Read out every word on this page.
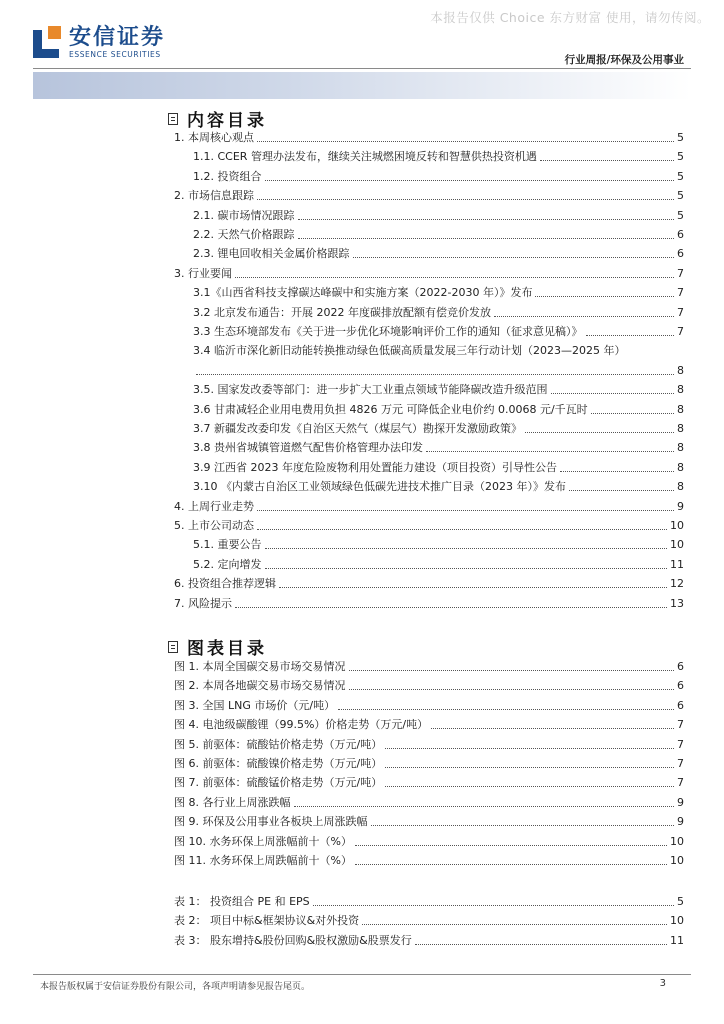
本报告仅供 Choice 东方财富 使用，请勿传阅。
安信证券
ESSENCE SECURITIES	行业周报/环保及公用事业
内容目录
1. 本周核心观点	5
1.1. CCER 管理办法发布，继续关注城燃困境反转和智慧供热投资机遇	5
1.2. 投资组合	5
2. 市场信息跟踪	5
2.1. 碳市场情况跟踪	5
2.2. 天然气价格跟踪	6
2.3. 锂电回收相关金属价格跟踪	6
3. 行业要闻	7
3.1《山西省科技支撑碳达峰碳中和实施方案（2022-2030 年）》发布	7
3.2 北京发布通告：开展 2022 年度碳排放配额有偿竞价发放	7
3.3 生态环境部发布《关于进一步优化环境影响评价工作的通知（征求意见稿）》	7
3.4 临沂市深化新旧动能转换推动绿色低碳高质量发展三年行动计划（2023—2025 年）
8
3.5. 国家发改委等部门：进一步扩大工业重点领域节能降碳改造升级范围	8
3.6 甘肃减轻企业用电费用负担 4826 万元 可降低企业电价约 0.0068 元/千瓦时	8
3.7 新疆发改委印发《自治区天然气（煤层气）勘探开发激励政策》	8
3.8 贵州省城镇管道燃气配售价格管理办法印发	8
3.9 江西省 2023 年度危险废物利用处置能力建设（项目投资）引导性公告	8
3.10 《内蒙古自治区工业领域绿色低碳先进技术推广目录（2023 年）》发布	8
4. 上周行业走势	9
5. 上市公司动态	10
5.1. 重要公告	10
5.2. 定向增发	11
6. 投资组合推荐逻辑	12
7. 风险提示	13
图表目录
图 1. 本周全国碳交易市场交易情况	6
图 2. 本周各地碳交易市场交易情况	6
图 3. 全国 LNG 市场价（元/吨）	6
图 4. 电池级碳酸锂（99.5%）价格走势（万元/吨）	7
图 5. 前驱体：硫酸钴价格走势（万元/吨）	7
图 6. 前驱体：硫酸镍价格走势（万元/吨）	7
图 7. 前驱体：硫酸锰价格走势（万元/吨）	7
图 8. 各行业上周涨跌幅	9
图 9. 环保及公用事业各板块上周涨跌幅	9
图 10. 水务环保上周涨幅前十（%）	10
图 11. 水务环保上周跌幅前十（%）	10
表 1： 投资组合 PE 和 EPS	5
表 2： 项目中标&框架协议&对外投资	10
表 3： 股东增持&股份回购&股权激励&股票发行	11
本报告版权属于安信证券股份有限公司，各项声明请参见报告尾页。	3
